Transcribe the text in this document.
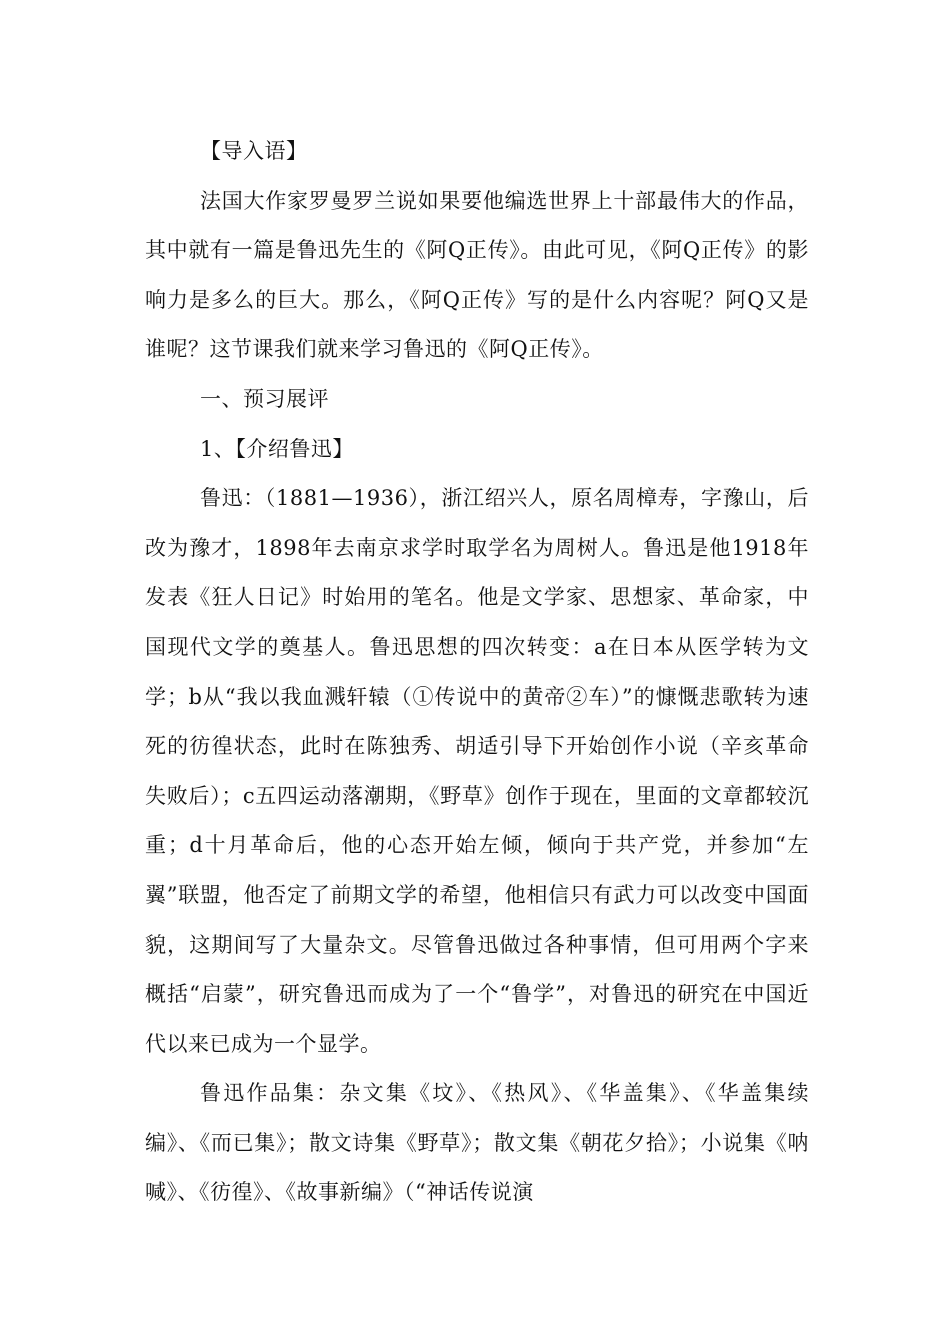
【导入语】

法国大作家罗曼罗兰说如果要他编选世界上十部最伟大的作品，其中就有一篇是鲁迅先生的《阿Q正传》。由此可见，《阿Q正传》的影响力是多么的巨大。那么，《阿Q正传》写的是什么内容呢？阿Q又是谁呢？这节课我们就来学习鲁迅的《阿Q正传》。

一、预习展评

1、【介绍鲁迅】

鲁迅：（1881—1936），浙江绍兴人，原名周樟寿，字豫山，后改为豫才，1898年去南京求学时取学名为周树人。鲁迅是他1918年发表《狂人日记》时始用的笔名。他是文学家、思想家、革命家，中国现代文学的奠基人。鲁迅思想的四次转变：a在日本从医学转为文学；b从“我以我血溅轩辕（①传说中的黄帝②车）”的慷慨悲歌转为速死的彷徨状态，此时在陈独秀、胡适引导下开始创作小说（辛亥革命失败后）；c五四运动落潮期，《野草》创作于现在，里面的文章都较沉重；d十月革命后，他的心态开始左倾，倾向于共产党，并参加“左翼”联盟，他否定了前期文学的希望，他相信只有武力可以改变中国面貌，这期间写了大量杂文。尽管鲁迅做过各种事情，但可用两个字来概括“启蒙”，研究鲁迅而成为了一个“鲁学”，对鲁迅的研究在中国近代以来已成为一个显学。

鲁迅作品集：杂文集《坟》、《热风》、《华盖集》、《华盖集续编》、《而已集》；散文诗集《野草》；散文集《朝花夕拾》；小说集《呐喊》、《彷徨》、《故事新编》（“神话传说演
